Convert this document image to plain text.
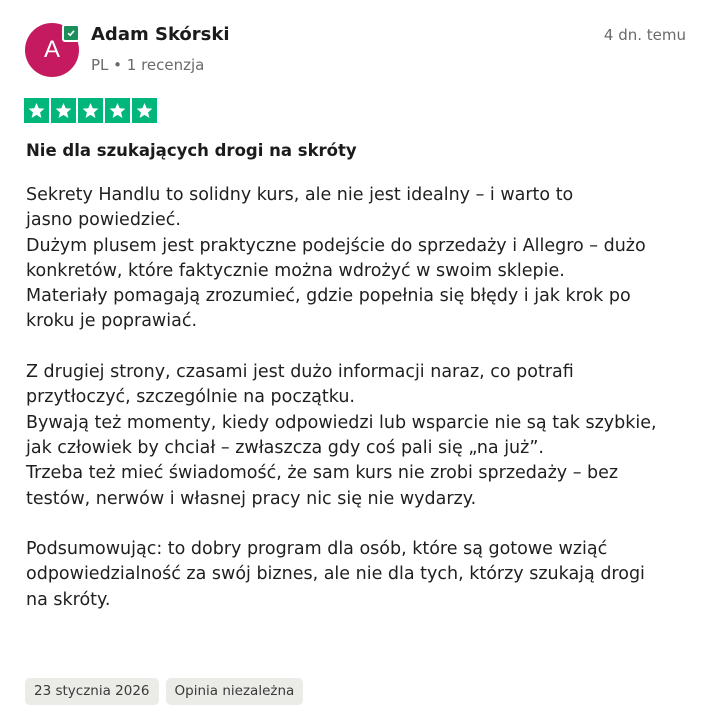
A
Adam Skórski
PL • 1 recenzja
4 dn. temu
Nie dla szukających drogi na skróty

Sekrety Handlu to solidny kurs, ale nie jest idealny – i warto to

jasno powiedzieć.

Dużym plusem jest praktyczne podejście do sprzedaży i Allegro – dużo

konkretów, które faktycznie można wdrożyć w swoim sklepie.

Materiały pomagają zrozumieć, gdzie popełnia się błędy i jak krok po

kroku je poprawiać.

Z drugiej strony, czasami jest dużo informacji naraz, co potrafi

przytłoczyć, szczególnie na początku.

Bywają też momenty, kiedy odpowiedzi lub wsparcie nie są tak szybkie,

jak człowiek by chciał – zwłaszcza gdy coś pali się „na już”.

Trzeba też mieć świadomość, że sam kurs nie zrobi sprzedaży – bez

testów, nerwów i własnej pracy nic się nie wydarzy.

Podsumowując: to dobry program dla osób, które są gotowe wziąć

odpowiedzialność za swój biznes, ale nie dla tych, którzy szukają drogi

na skróty.

23 stycznia 2026	Opinia niezależna
